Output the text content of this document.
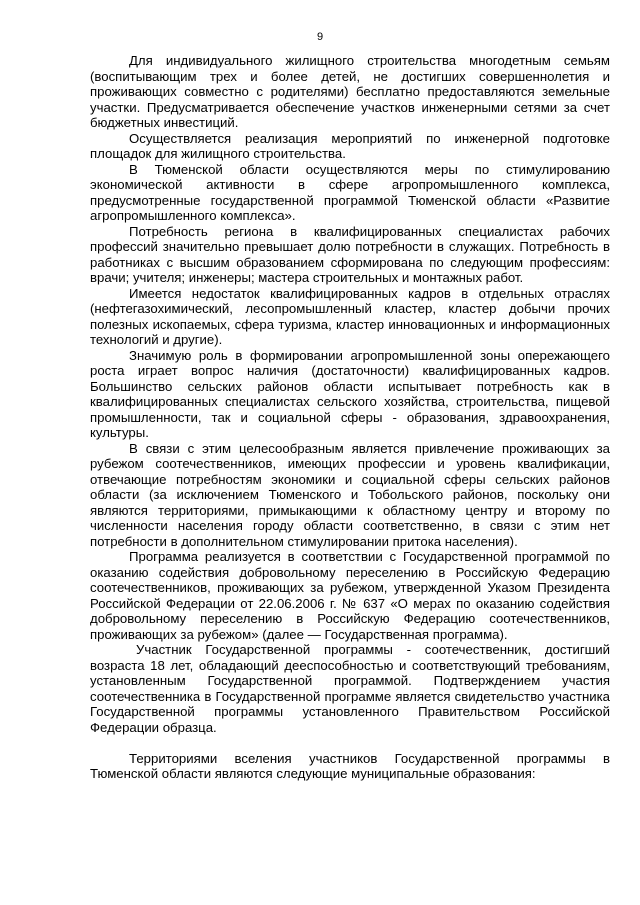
9

Для индивидуального жилищного строительства многодетным семьям (воспитывающим трех и более детей, не достигших совершеннолетия и проживающих совместно с родителями) бесплатно предоставляются земельные участки. Предусматривается обеспечение участков инженерными сетями за счет бюджетных инвестиций.

Осуществляется реализация мероприятий по инженерной подготовке площадок для жилищного строительства.

В Тюменской области осуществляются меры по стимулированию экономической активности в сфере агропромышленного комплекса, предусмотренные государственной программой Тюменской области «Развитие агропромышленного комплекса».

Потребность региона в квалифицированных специалистах рабочих профессий значительно превышает долю потребности в служащих. Потребность в работниках с высшим образованием сформирована по следующим профессиям: врачи; учителя; инженеры; мастера строительных и монтажных работ.

Имеется недостаток квалифицированных кадров в отдельных отраслях (нефтегазохимический, лесопромышленный кластер, кластер добычи прочих полезных ископаемых, сфера туризма, кластер инновационных и информационных технологий и другие).

Значимую роль в формировании агропромышленной зоны опережающего роста играет вопрос наличия (достаточности) квалифицированных кадров. Большинство сельских районов области испытывает потребность как в квалифицированных специалистах сельского хозяйства, строительства, пищевой промышленности, так и социальной сферы - образования, здравоохранения, культуры.

В связи с этим целесообразным является привлечение проживающих за рубежом соотечественников, имеющих профессии и уровень квалификации, отвечающие потребностям экономики и социальной сферы сельских районов области (за исключением Тюменского и Тобольского районов, поскольку они являются территориями, примыкающими к областному центру и второму по численности населения городу области соответственно, в связи с этим нет потребности в дополнительном стимулировании притока населения).

Программа реализуется в соответствии с Государственной программой по оказанию содействия добровольному переселению в Российскую Федерацию соотечественников, проживающих за рубежом, утвержденной Указом Президента Российской Федерации от 22.06.2006 г. № 637 «О мерах по оказанию содействия добровольному переселению в Российскую Федерацию соотечественников, проживающих за рубежом» (далее — Государственная программа).

Участник Государственной программы - соотечественник, достигший возраста 18 лет, обладающий дееспособностью и соответствующий требованиям, установленным Государственной программой. Подтверждением участия соотечественника в Государственной программе является свидетельство участника Государственной программы установленного Правительством Российской Федерации образца.

Территориями вселения участников Государственной программы в Тюменской области являются следующие муниципальные образования:
